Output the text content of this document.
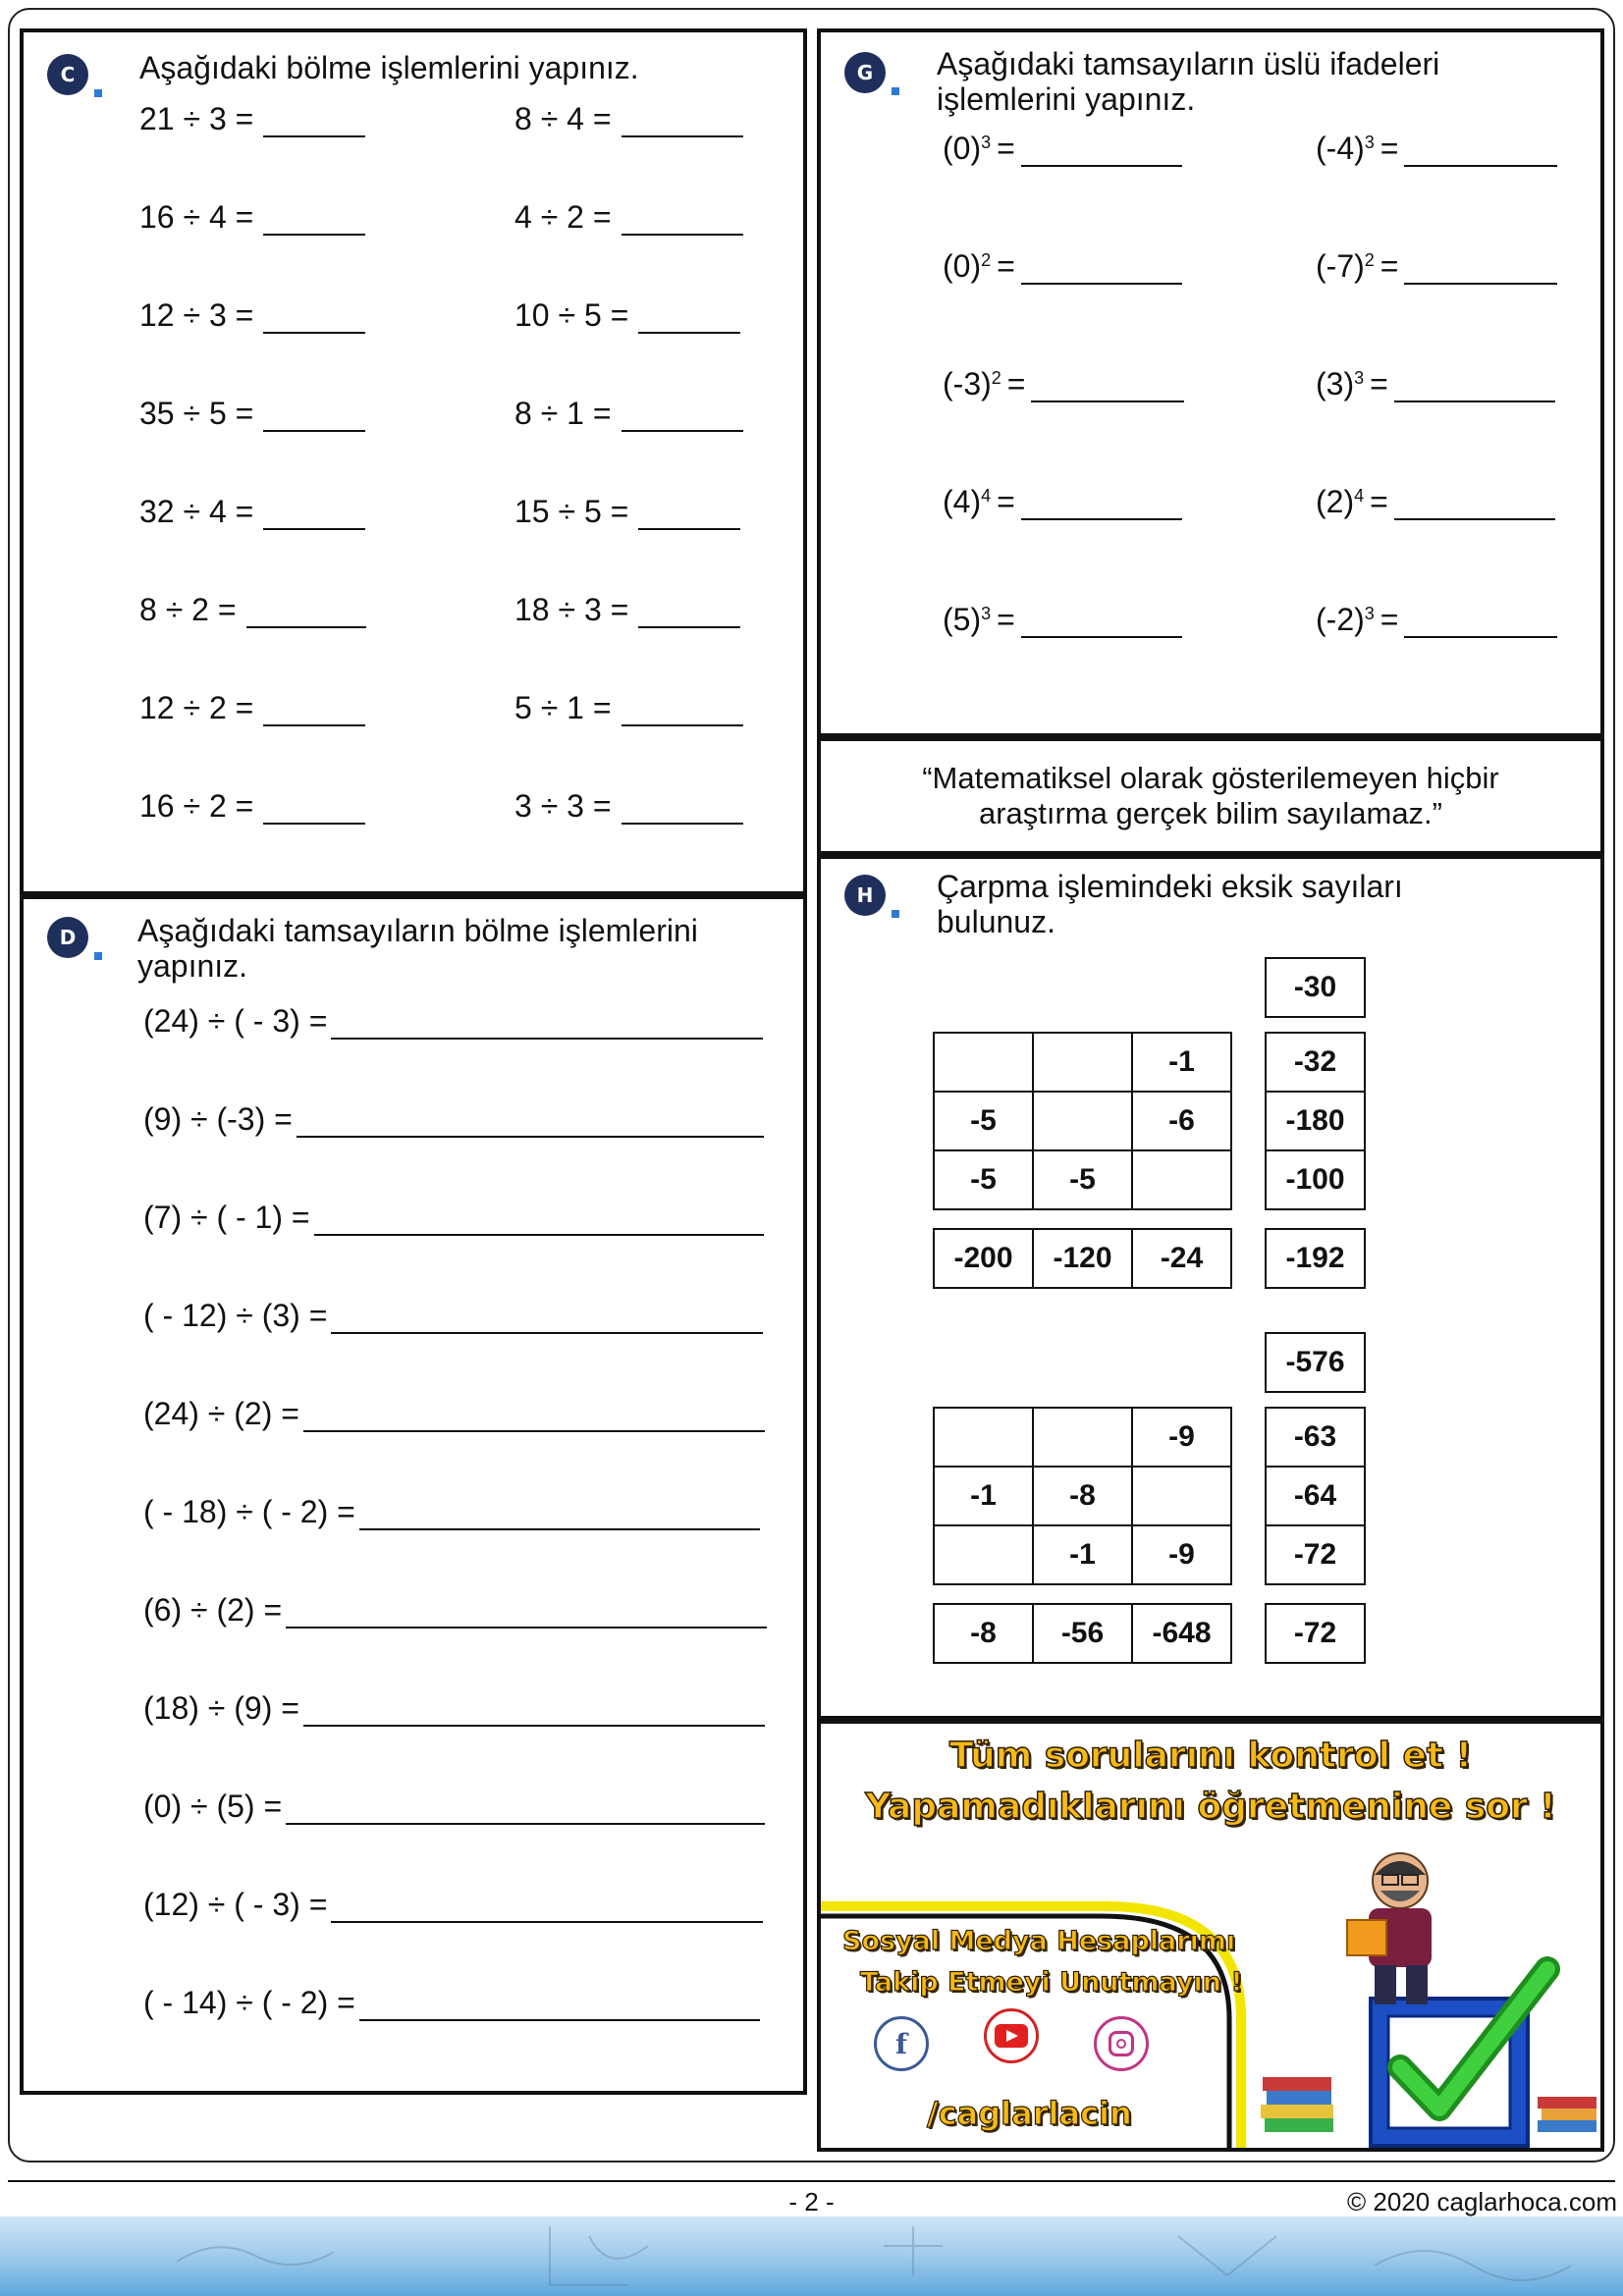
C	Aşağıdaki bölme işlemlerini yapınız.
21 ÷ 3 =
16 ÷ 4 =
12 ÷ 3 =
35 ÷ 5 =
32 ÷ 4 =
8 ÷ 2 =
12 ÷ 2 =
16 ÷ 2 =
8 ÷ 4 =
4 ÷ 2 =
10 ÷ 5 =
8 ÷ 1 =
15 ÷ 5 =
18 ÷ 3 =
5 ÷ 1 =
3 ÷ 3 =
D	Aşağıdaki tamsayıların bölme işlemlerini
yapınız.
(24) ÷ ( - 3) =
(9) ÷ (-3) =
(7) ÷ ( - 1) =
( - 12) ÷ (3) =
(24) ÷ (2) =
( - 18) ÷ ( - 2) =
(6) ÷ (2) =
(18) ÷ (9) =
(0) ÷ (5) =
(12) ÷ ( - 3) =
( - 14) ÷ ( - 2) =
G	Aşağıdaki tamsayıların üslü ifadeleri
işlemlerini yapınız.
$(0)^3$ =
$(0)^2$ =
$(-3)^2$ =
$(4)^4$ =
$(5)^3$ =
$(-4)^3$ =
$(-7)^2$ =
$(3)^3$ =
$(2)^4$ =
$(-2)^3$ =
“Matematiksel olarak gösterilemeyen hiçbir
araştırma gerçek bilim sayılamaz.”
H	Çarpma işlemindeki eksik sayıları
bulunuz.
-30
		-1
-5		-6
-5	-5	
-32
-180
-100
-200	-120	-24	-192
-576
		-9
-1	-8	
	-1	-9
-63
-64
-72
-8	-56	-648	-72
Tüm sorularını kontrol et !
Yapamadıklarını öğretmenine sor !
Sosyal Medya Hesaplarımı
Takip Etmeyi Unutmayın !
f
/caglarlacin
- 2 -	© 2020 caglarhoca.com
